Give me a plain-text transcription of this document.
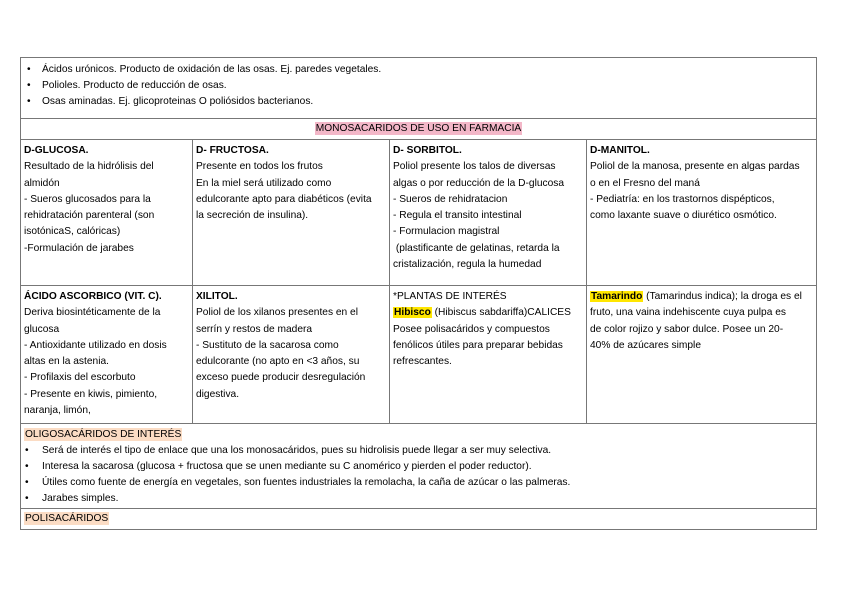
• Ácidos urónicos. Producto de oxidación de las osas. Ej. paredes vegetales.
• Polioles. Producto de reducción de osas.
• Osas aminadas. Ej. glicoproteinas O poliósidos bacterianos.
MONOSACARIDOS DE USO EN FARMACIA

D-GLUCOSA.

Resultado de la hidrólisis del

almidón

- Sueros glucosados para la

rehidratación parenteral (son

isotónicaS, calóricas)

-Formulación de jarabes

D- FRUCTOSA.

Presente en todos los frutos

En la miel será utilizado como

edulcorante apto para diabéticos (evita

la secreción de insulina).

D- SORBITOL.

Poliol presente los talos de diversas

algas o por reducción de la D-glucosa

- Sueros de rehidratacion

- Regula el transito intestinal

- Formulacion magistral

(plastificante de gelatinas, retarda la

cristalización, regula la humedad

D-MANITOL.

Poliol de la manosa, presente en algas pardas

o en el Fresno del maná

- Pediatría: en los trastornos dispépticos,

como laxante suave o diurético osmótico.

ÁCIDO ASCORBICO (VIT. C).

Deriva biosintéticamente de la

glucosa

- Antioxidante utilizado en dosis

altas en la astenia.

- Profilaxis del escorbuto

- Presente en kiwis, pimiento,

naranja, limón,

XILITOL.

Poliol de los xilanos presentes en el

serrín y restos de madera

- Sustituto de la sacarosa como

edulcorante (no apto en <3 años, su

exceso puede producir desregulación

digestiva.

*PLANTAS DE INTERÉS

Hibisco (Hibiscus sabdariffa)CALICES

Posee polisacáridos y compuestos

fenólicos útiles para preparar bebidas

refrescantes.

Tamarindo (Tamarindus indica); la droga es el

fruto, una vaina indehiscente cuya pulpa es

de color rojizo y sabor dulce. Posee un 20-

40% de azúcares simple

OLIGOSACÁRIDOS DE INTERÉS
• Será de interés el tipo de enlace que una los monosacáridos, pues su hidrolisis puede llegar a ser muy selectiva.
• Interesa la sacarosa (glucosa + fructosa que se unen mediante su C anomérico y pierden el poder reductor).
• Útiles como fuente de energía en vegetales, son fuentes industriales la remolacha, la caña de azúcar o las palmeras.
• Jarabes simples.
POLISACÁRIDOS
